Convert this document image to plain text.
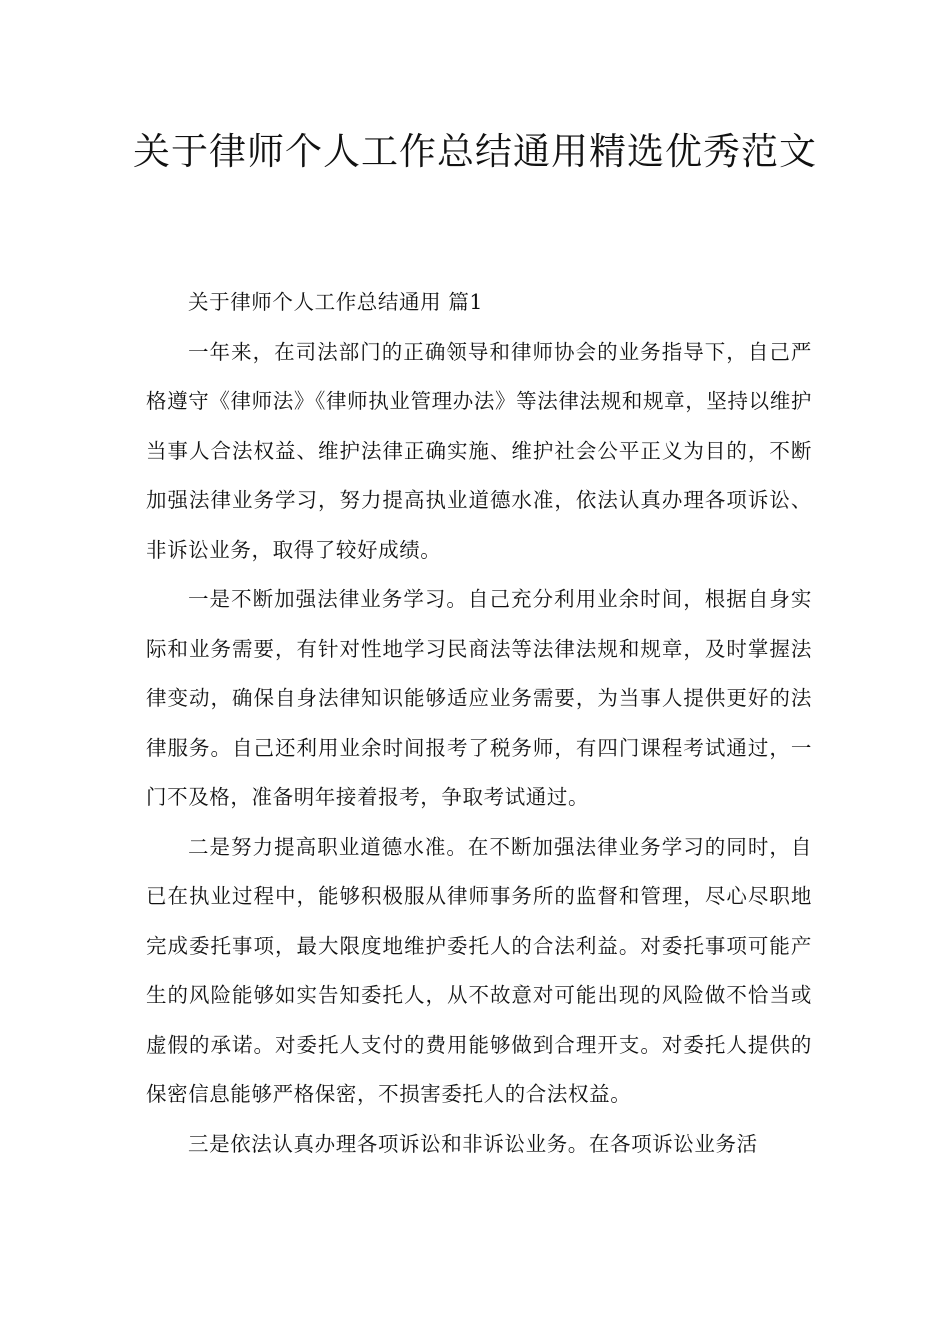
关于律师个人工作总结通用精选优秀范文

关于律师个人工作总结通用 篇1

一年来，在司法部门的正确领导和律师协会的业务指导下，自己严格遵守《律师法》《律师执业管理办法》等法律法规和规章，坚持以维护当事人合法权益、维护法律正确实施、维护社会公平正义为目的，不断加强法律业务学习，努力提高执业道德水准，依法认真办理各项诉讼、非诉讼业务，取得了较好成绩。

一是不断加强法律业务学习。自己充分利用业余时间，根据自身实际和业务需要，有针对性地学习民商法等法律法规和规章，及时掌握法律变动，确保自身法律知识能够适应业务需要，为当事人提供更好的法律服务。自己还利用业余时间报考了税务师，有四门课程考试通过，一门不及格，准备明年接着报考，争取考试通过。

二是努力提高职业道德水准。在不断加强法律业务学习的同时，自已在执业过程中，能够积极服从律师事务所的监督和管理，尽心尽职地完成委托事项，最大限度地维护委托人的合法利益。对委托事项可能产生的风险能够如实告知委托人，从不故意对可能出现的风险做不恰当或虚假的承诺。对委托人支付的费用能够做到合理开支。对委托人提供的保密信息能够严格保密，不损害委托人的合法权益。

三是依法认真办理各项诉讼和非诉讼业务。在各项诉讼业务活
